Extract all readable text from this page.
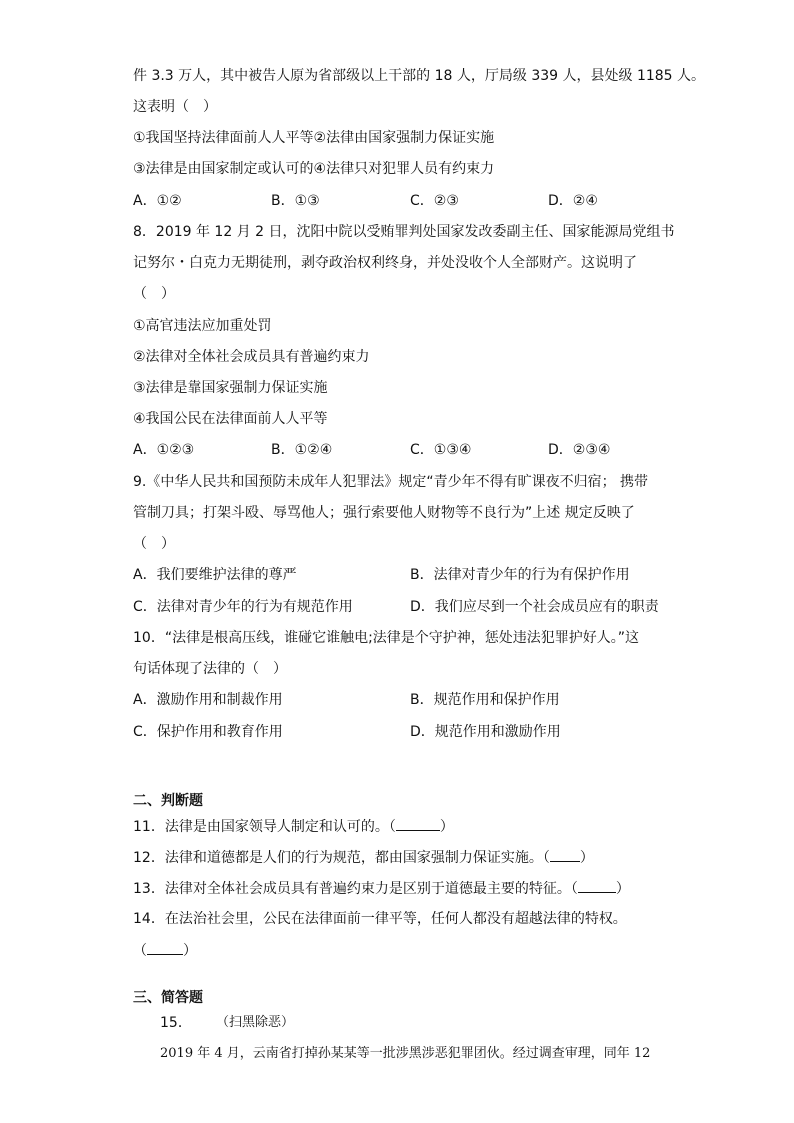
件 3.3 万人，其中被告人原为省部级以上干部的 18 人，厅局级 339 人，县处级 1185 人。
这表明（　）
①我国坚持法律面前人人平等②法律由国家强制力保证实施
③法律是由国家制定或认可的④法律只对犯罪人员有约束力
A．①②	B．①③	C．②③	D．②④
8．2019 年 12 月 2 日，沈阳中院以受贿罪判处国家发改委副主任、国家能源局党组书
记努尔・白克力无期徒刑，剥夺政治权利终身，并处没收个人全部财产。这说明了
（　）
①高官违法应加重处罚
②法律对全体社会成员具有普遍约束力
③法律是靠国家强制力保证实施
④我国公民在法律面前人人平等
A．①②③	B．①②④	C．①③④	D．②③④
9.《中华人民共和国预防未成年人犯罪法》规定“青少年不得有旷课夜不归宿； 携带
管制刀具；打架斗殴、辱骂他人；强行索要他人财物等不良行为”上述 规定反映了
（　）
A．我们要维护法律的尊严	B．法律对青少年的行为有保护作用
C．法律对青少年的行为有规范作用	D．我们应尽到一个社会成员应有的职责
10．“法律是根高压线，谁碰它谁触电;法律是个守护神，惩处违法犯罪护好人。”这
句话体现了法律的（　）
A．激励作用和制裁作用	B．规范作用和保护作用
C．保护作用和教育作用	D．规范作用和激励作用
二、判断题
11．法律是由国家领导人制定和认可的。（	）
12．法律和道德都是人们的行为规范，都由国家强制力保证实施。（ ）
13．法律对全体社会成员具有普遍约束力是区别于道德最主要的特征。（	）
14．在法治社会里，公民在法律面前一律平等，任何人都没有超越法律的特权。
（	）
三、简答题
15． （扫黑除恶）
2019 年 4 月，云南省打掉孙某某等一批涉黑涉恶犯罪团伙。经过调查审理，同年 12
